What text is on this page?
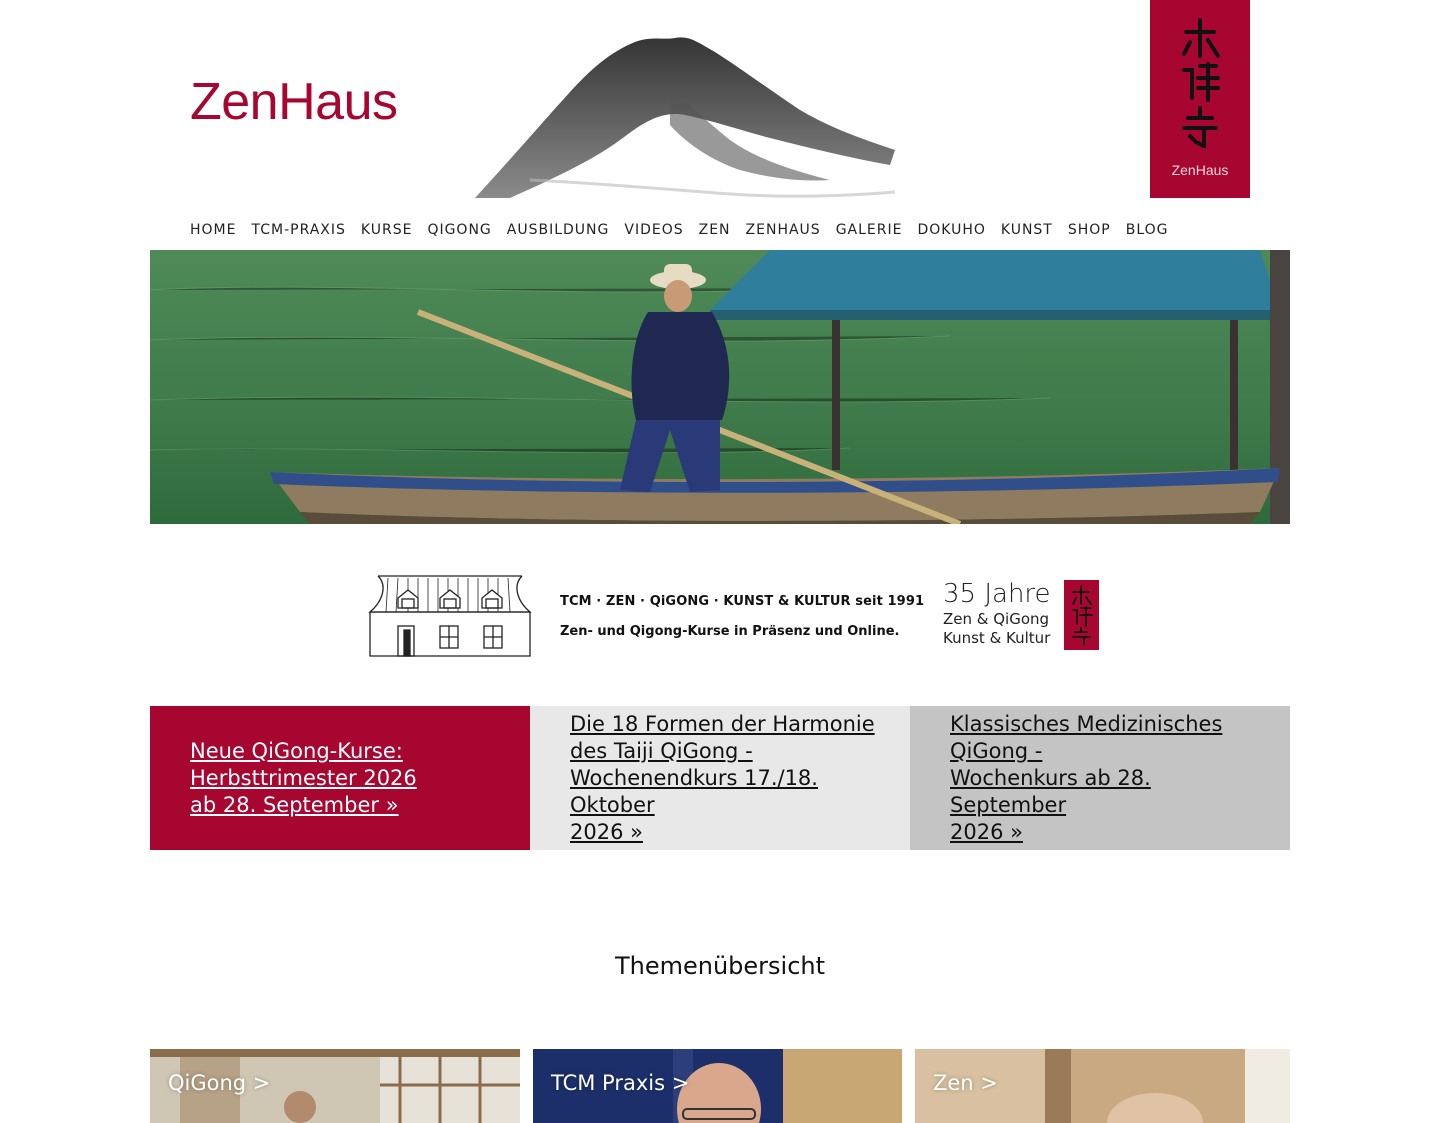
ZenHaus
ZenHaus
HOME TCM-PRAXIS KURSE QIGONG AUSBILDUNG VIDEOS ZEN ZENHAUS GALERIE DOKUHO KUNST SHOP BLOG
TCM · ZEN · QiGONG · KUNST & KULTUR seit 1991
Zen- und Qigong-Kurse in Präsenz und Online.
35 Jahre
Zen & QiGong
Kunst & Kultur
Neue QiGong-Kurse:
Herbsttrimester 2026
ab 28. September »
Die 18 Formen der Harmonie
des Taiji QiGong -
Wochenendkurs 17./18. Oktober
2026 »
Klassisches Medizinisches
QiGong -
Wochenkurs ab 28. September
2026 »
Themenübersicht
QiGong >	TCM Praxis >	Zen >
